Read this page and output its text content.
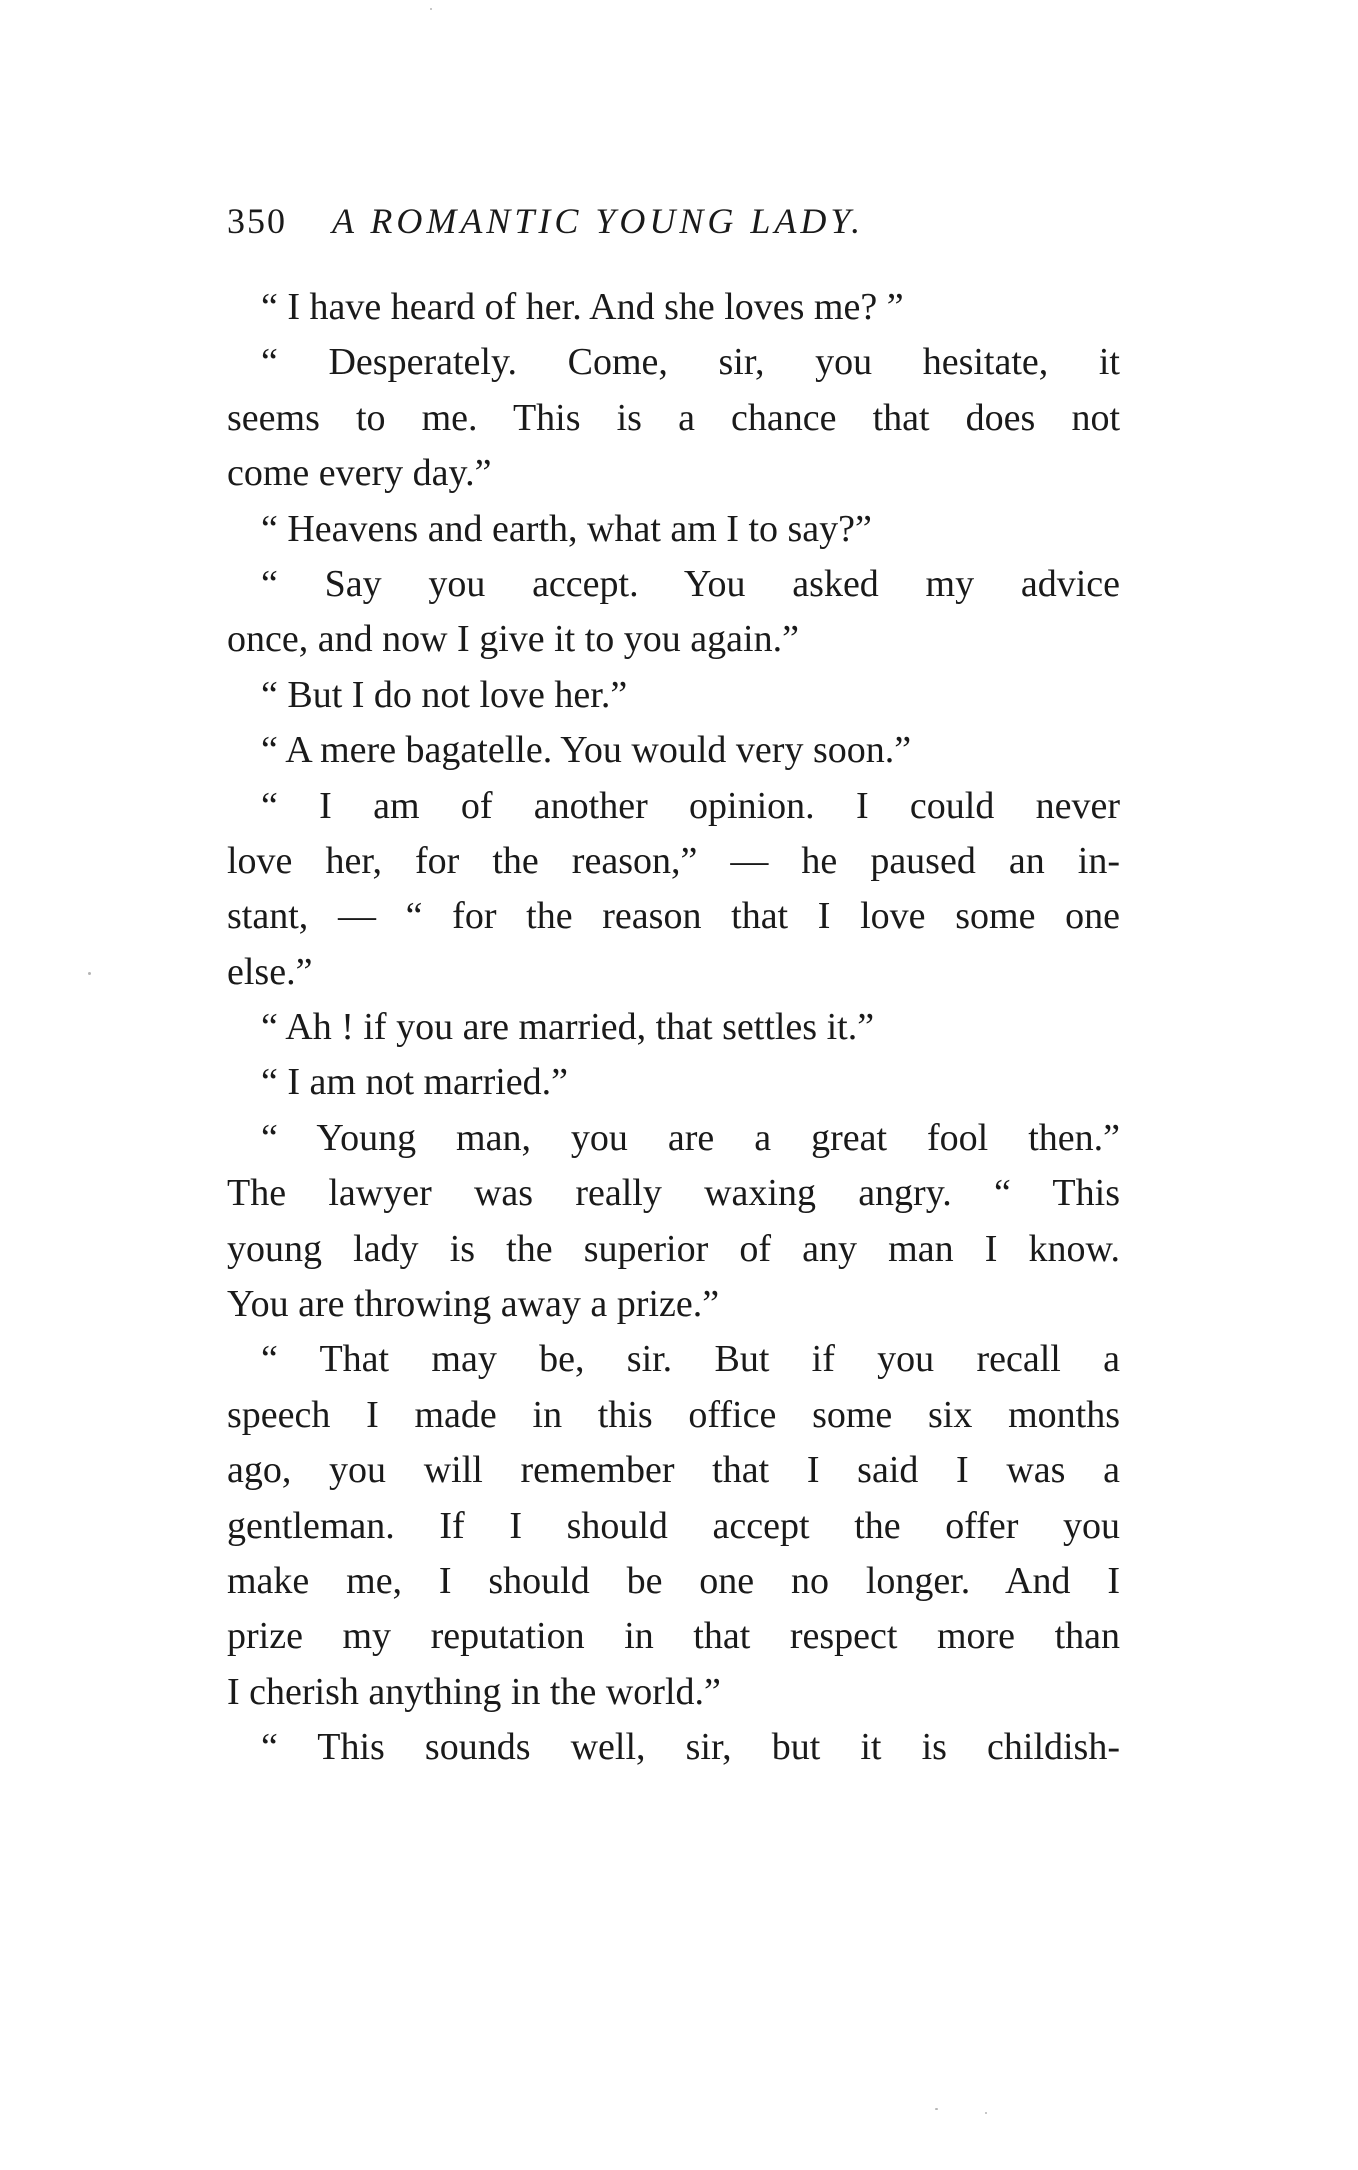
350 A ROMANTIC YOUNG LADY.
“ I have heard of her. And she loves me? ”
“ Desperately. Come, sir, you hesitate, it
seems to me. This is a chance that does not
come every day.”
“ Heavens and earth, what am I to say?”
“ Say you accept. You asked my advice
once, and now I give it to you again.”
“ But I do not love her.”
“ A mere bagatelle. You would very soon.”
“ I am of another opinion. I could never
love her, for the reason,” — he paused an in-
stant, — “ for the reason that I love some one
else.”
“ Ah ! if you are married, that settles it.”
“ I am not married.”
“ Young man, you are a great fool then.”
The lawyer was really waxing angry. “ This
young lady is the superior of any man I know.
You are throwing away a prize.”
“ That may be, sir. But if you recall a
speech I made in this office some six months
ago, you will remember that I said I was a
gentleman. If I should accept the offer you
make me, I should be one no longer. And I
prize my reputation in that respect more than
I cherish anything in the world.”
“ This sounds well, sir, but it is childish-
